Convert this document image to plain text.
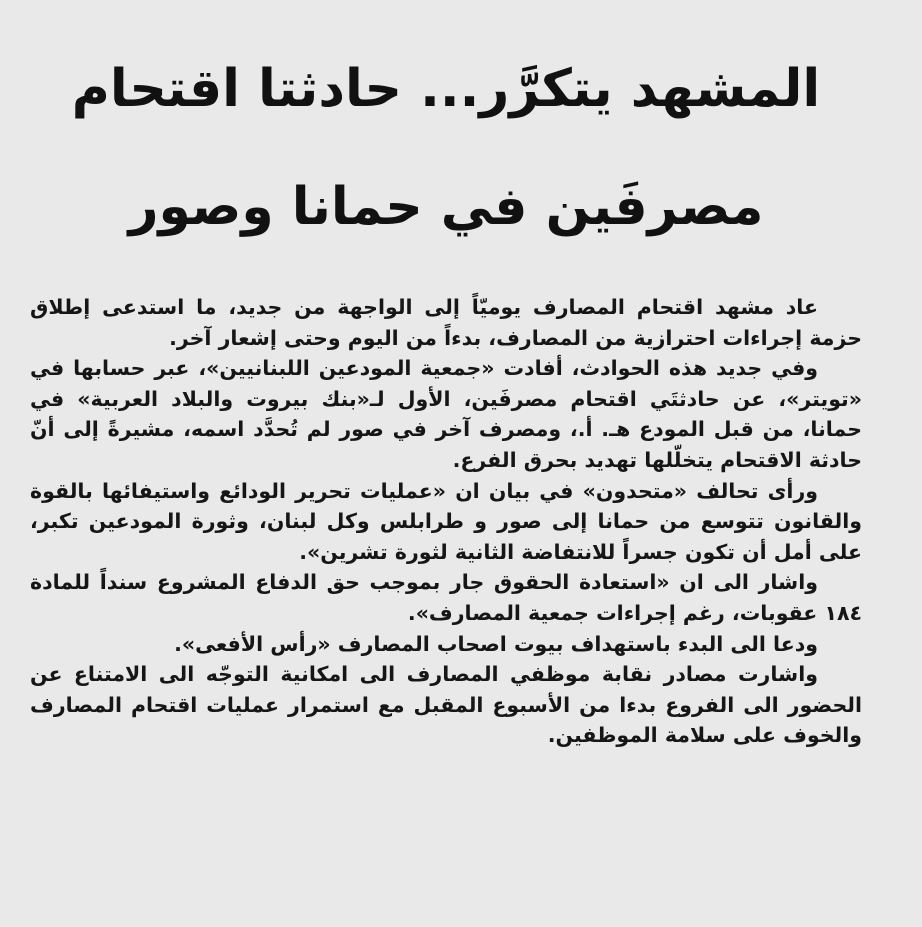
المشهد يتكرَّر... حادثتا اقتحام
مصرفَين في حمانا وصور

عاد مشهد اقتحام المصارف يوميّاً إلى الواجهة من جديد، ما استدعى إطلاق حزمة إجراءات احترازية من المصارف، بدءاً من اليوم وحتى إشعار آخر.

وفي جديد هذه الحوادث، أفادت «جمعية المودعين اللبنانيين»، عبر حسابها في «تويتر»، عن حادثتَي اقتحام مصرفَين، الأول لـ«بنك بيروت والبلاد العربية» في حمانا، من قبل المودع هـ. أ.، ومصرف آخر في صور لم تُحدَّد اسمه، مشيرةً إلى أنّ حادثة الاقتحام يتخلّلها تهديد بحرق الفرع.

ورأى تحالف «متحدون» في بيان ان «عمليات تحرير الودائع واستيفائها بالقوة والقانون تتوسع من حمانا إلى صور و طرابلس وكل لبنان، وثورة المودعين تكبر، على أمل أن تكون جسراً للانتفاضة الثانية لثورة تشرين».

واشار الى ان «استعادة الحقوق جار بموجب حق الدفاع المشروع سنداً للمادة ١٨٤ عقوبات، رغم إجراءات جمعية المصارف».

ودعا الى البدء باستهداف بيوت اصحاب المصارف «رأس الأفعى».

واشارت مصادر نقابة موظفي المصارف الى امكانية التوجّه الى الامتناع عن الحضور الى الفروع بدءا من الأسبوع المقبل مع استمرار عمليات اقتحام المصارف والخوف على سلامة الموظفين.
